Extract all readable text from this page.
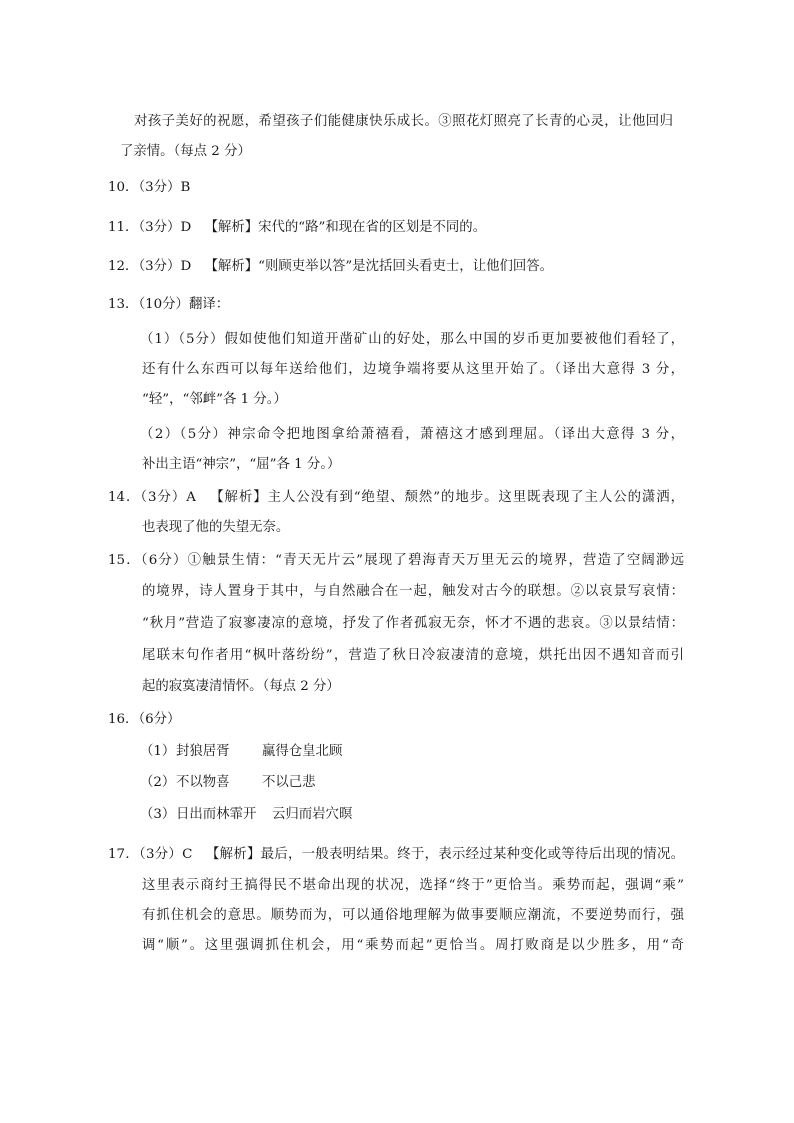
对孩子美好的祝愿，希望孩子们能健康快乐成长。③照花灯照亮了长青的心灵，让他回归
了亲情。（每点 2 分）
10．（3分）B
11．（3分）D 【解析】宋代的“路”和现在省的区划是不同的。
12．（3分）D 【解析】“则顾吏举以答”是沈括回头看吏士，让他们回答。
13．（10分）翻译：
（1）（5分）假如使他们知道开凿矿山的好处，那么中国的岁币更加要被他们看轻了，
还有什么东西可以每年送给他们，边境争端将要从这里开始了。（译出大意得 3 分，
“轻”，“邻衅”各 1 分。）
（2）（5分）神宗命令把地图拿给萧禧看，萧禧这才感到理屈。（译出大意得 3 分，
补出主语“神宗”，“屈”各 1 分。）
14．（3分）A 【解析】主人公没有到“绝望、颓然”的地步。这里既表现了主人公的潇洒，
也表现了他的失望无奈。
15．（6分）①触景生情：“青天无片云”展现了碧海青天万里无云的境界，营造了空阔渺远
的境界，诗人置身于其中，与自然融合在一起，触发对古今的联想。②以哀景写哀情：
“秋月”营造了寂寥凄凉的意境，抒发了作者孤寂无奈，怀才不遇的悲哀。③以景结情：
尾联末句作者用“枫叶落纷纷”，营造了秋日冷寂凄清的意境，烘托出因不遇知音而引
起的寂寞凄清情怀。（每点 2 分）
16．（6分）
（1） 封狼居胥 赢得仓皇北顾
（2） 不以物喜 不以己悲
（3） 日出而林霏开 云归而岩穴暝
17．（3分）C 【解析】最后，一般表明结果。终于，表示经过某种变化或等待后出现的情况。
这里表示商纣王搞得民不堪命出现的状况，选择“终于”更恰当。乘势而起，强调“乘”
有抓住机会的意思。顺势而为，可以通俗地理解为做事要顺应潮流，不要逆势而行，强
调“顺”。这里强调抓住机会，用“乘势而起”更恰当。周打败商是以少胜多，用“奇
